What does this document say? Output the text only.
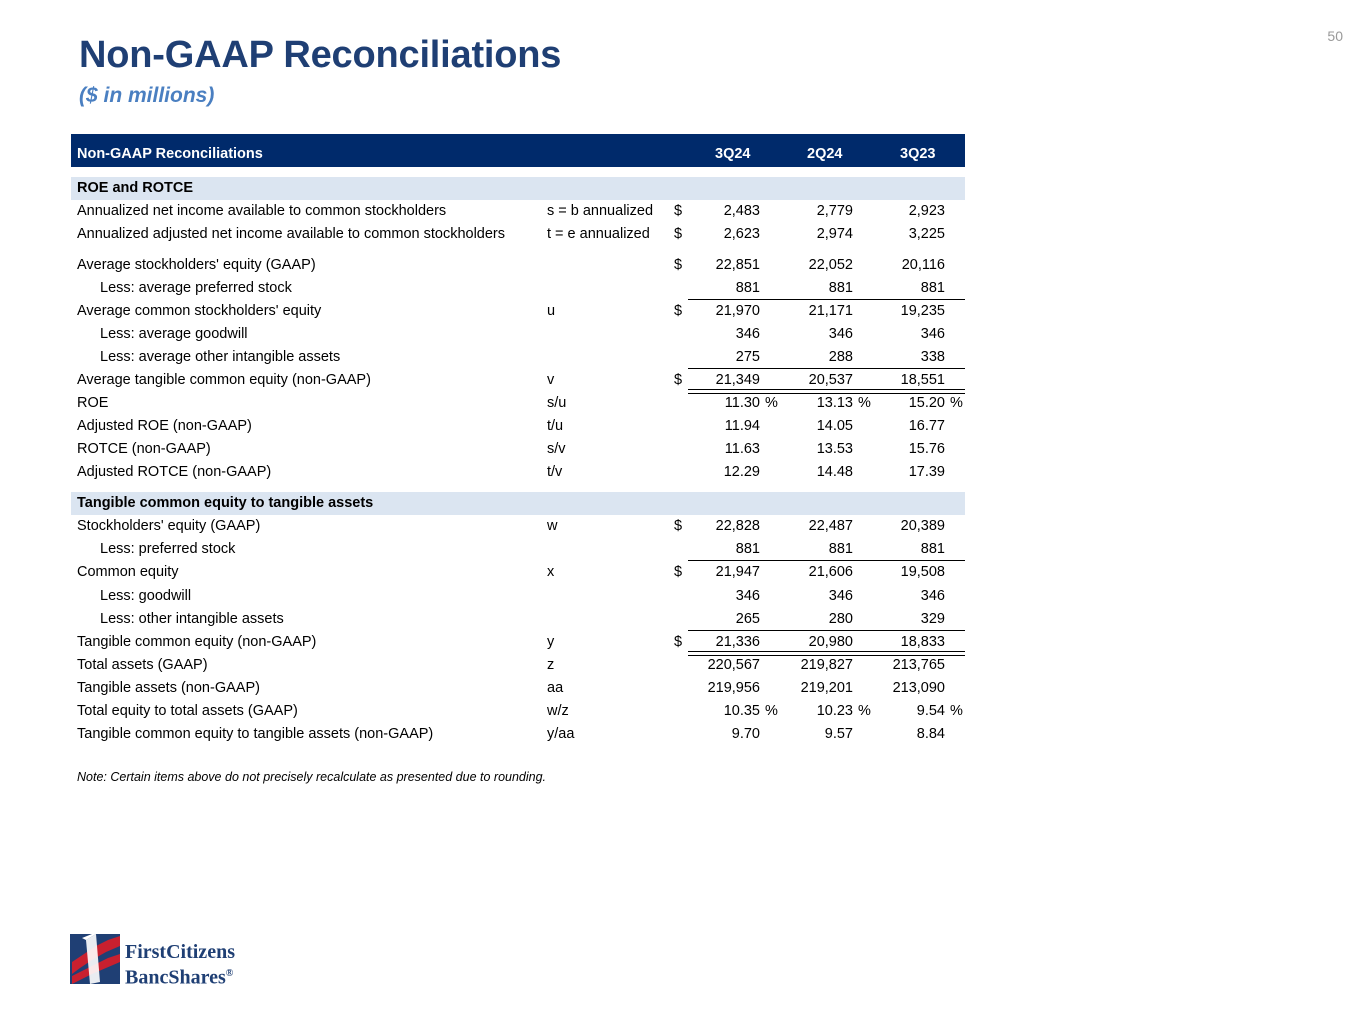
50
Non-GAAP Reconciliations
($ in millions)
Non-GAAP Reconciliations	3Q24	2Q24	3Q23
ROE and ROTCE
Annualized net income available to common stockholders	s = b annualized $	2,483	2,779	2,923
Annualized adjusted net income available to common stockholders	t = e annualized $	2,623	2,974	3,225
Average stockholders' equity (GAAP)	$	22,851	22,052	20,116
Less: average preferred stock	881	881	881
Average common stockholders' equity	u	$	21,970	21,171	19,235
Less: average goodwill	346	346	346
Less: average other intangible assets	275	288	338
Average tangible common equity (non-GAAP)	v	$	21,349	20,537	18,551
ROE	s/u	11.30 %	13.13 %	15.20 %
Adjusted ROE (non-GAAP)	t/u	11.94	14.05	16.77
ROTCE (non-GAAP)	s/v	11.63	13.53	15.76
Adjusted ROTCE (non-GAAP)	t/v	12.29	14.48	17.39
Tangible common equity to tangible assets
Stockholders' equity (GAAP)	w	$	22,828	22,487	20,389
Less: preferred stock	881	881	881
Common equity	x	$	21,947	21,606	19,508
Less: goodwill	346	346	346
Less: other intangible assets	265	280	329
Tangible common equity (non-GAAP)	y	$	21,336	20,980	18,833
Total assets (GAAP)	z	220,567	219,827	213,765
Tangible assets (non-GAAP)	aa	219,956	219,201	213,090
Total equity to total assets (GAAP)	w/z	10.35 %	10.23 %	9.54 %
Tangible common equity to tangible assets (non-GAAP)	y/aa	9.70	9.57	8.84
Note: Certain items above do not precisely recalculate as presented due to rounding.
FirstCitizens
BancShares®
